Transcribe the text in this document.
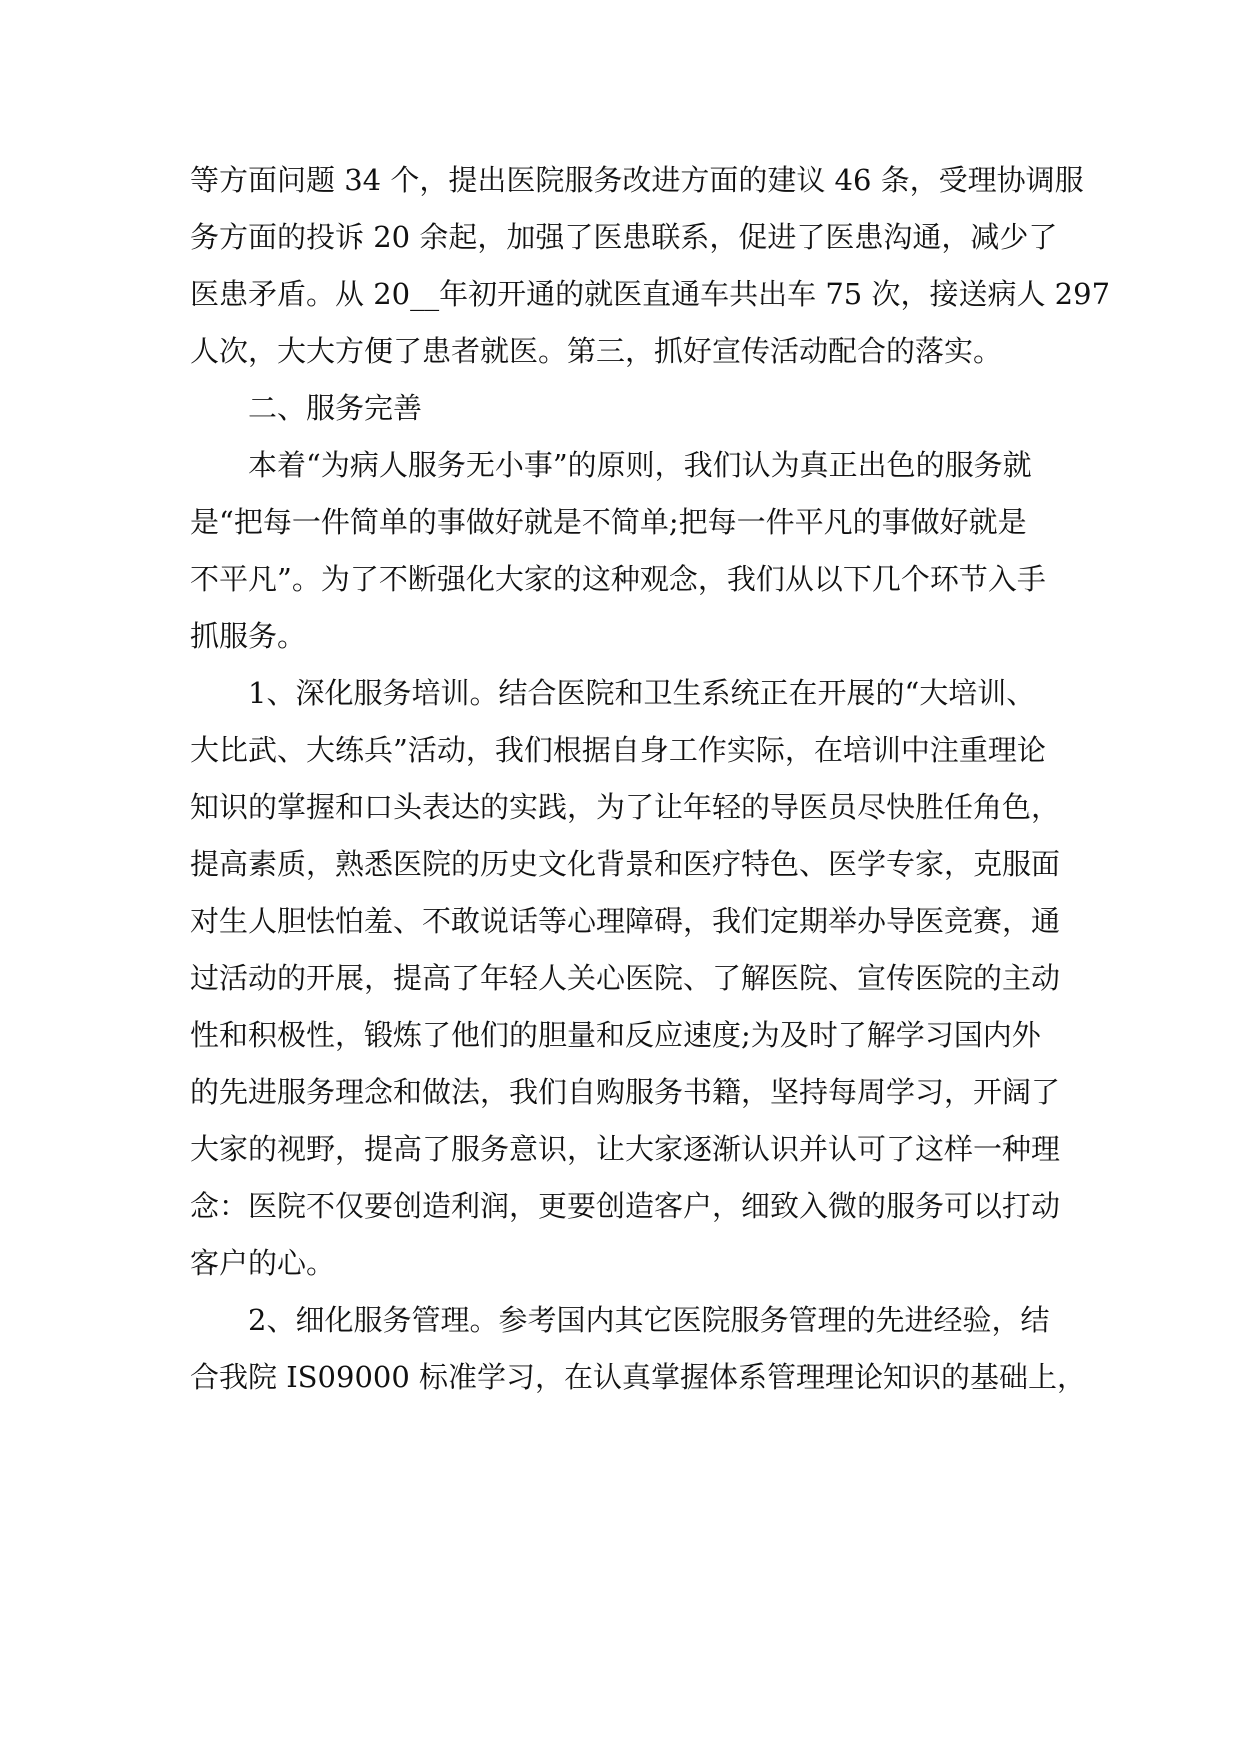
等方面问题 34 个，提出医院服务改进方面的建议 46 条，受理协调服
务方面的投诉 20 余起，加强了医患联系，促进了医患沟通，减少了
医患矛盾。从 20__年初开通的就医直通车共出车 75 次，接送病人 297
人次，大大方便了患者就医。第三，抓好宣传活动配合的落实。
二、服务完善
本着“为病人服务无小事”的原则，我们认为真正出色的服务就
是“把每一件简单的事做好就是不简单;把每一件平凡的事做好就是
不平凡”。为了不断强化大家的这种观念，我们从以下几个环节入手
抓服务。
1、深化服务培训。结合医院和卫生系统正在开展的“大培训、
大比武、大练兵”活动，我们根据自身工作实际，在培训中注重理论
知识的掌握和口头表达的实践，为了让年轻的导医员尽快胜任角色，
提高素质，熟悉医院的历史文化背景和医疗特色、医学专家，克服面
对生人胆怯怕羞、不敢说话等心理障碍，我们定期举办导医竞赛，通
过活动的开展，提高了年轻人关心医院、了解医院、宣传医院的主动
性和积极性，锻炼了他们的胆量和反应速度;为及时了解学习国内外
的先进服务理念和做法，我们自购服务书籍，坚持每周学习，开阔了
大家的视野，提高了服务意识，让大家逐渐认识并认可了这样一种理
念：医院不仅要创造利润，更要创造客户，细致入微的服务可以打动
客户的心。
2、细化服务管理。参考国内其它医院服务管理的先进经验，结
合我院 IS09000 标准学习，在认真掌握体系管理理论知识的基础上，
